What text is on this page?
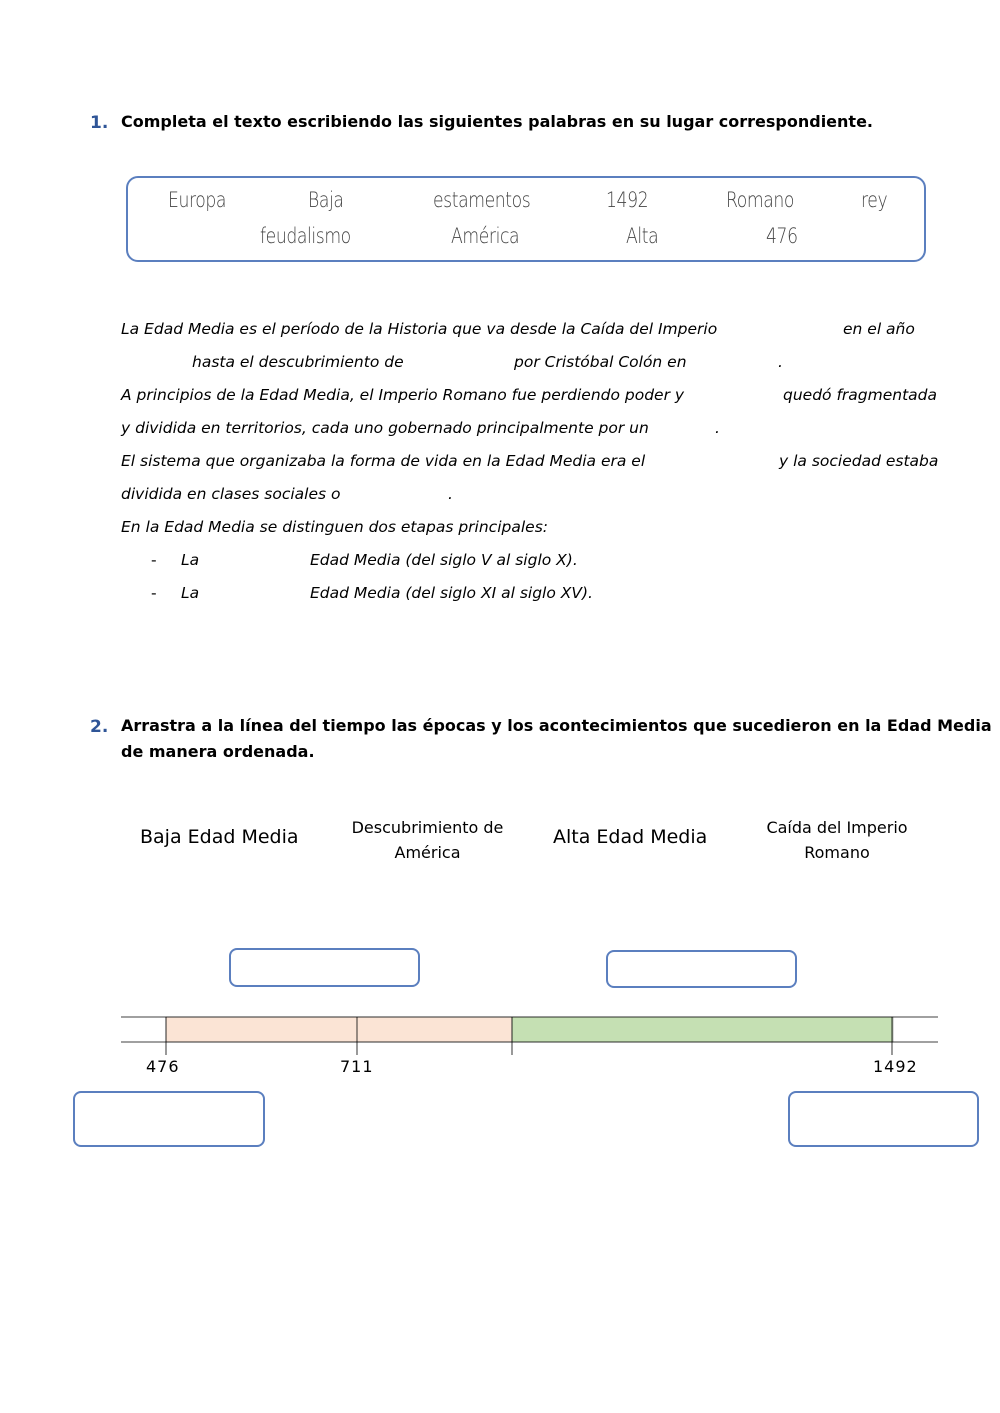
1. Completa el texto escribiendo las siguientes palabras en su lugar correspondiente.
Europa	Baja	estamentos	1492	Romano	rey
feudalismo	América	Alta	476
La Edad Media es el período de la Historia que va desde la Caída del Imperio	en el año
hasta el descubrimiento de	por Cristóbal Colón en	.
A principios de la Edad Media, el Imperio Romano fue perdiendo poder y	quedó fragmentada
y dividida en territorios, cada uno gobernado principalmente por un	.
El sistema que organizaba la forma de vida en la Edad Media era el	y la sociedad estaba
dividida en clases sociales o	.
En la Edad Media se distinguen dos etapas principales:
- La	Edad Media (del siglo V al siglo X).
- La	Edad Media (del siglo XI al siglo XV).
2. Arrastra a la línea del tiempo las épocas y los acontecimientos que sucedieron en la Edad Media
de manera ordenada.
Baja Edad Media	Descubrimiento de
América
Alta Edad Media	Caída del Imperio
Romano
476	711	1492
